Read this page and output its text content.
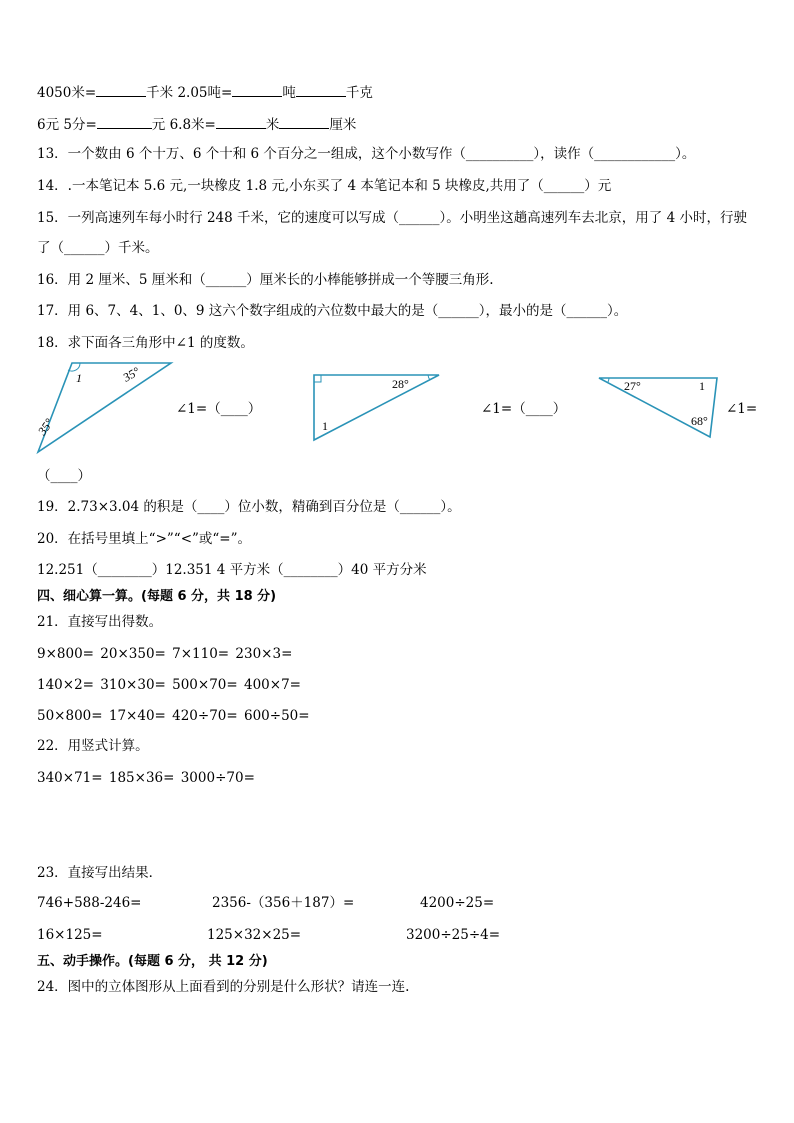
4050米=	千米 2.05吨=	吨	千克
6元 5分=	元 6.8米=	米	厘米
13．一个数由 6 个十万、6 个十和 6 个百分之一组成，这个小数写作（__________），读作（____________）。
14．.一本笔记本 5.6 元,一块橡皮 1.8 元,小东买了 4 本笔记本和 5 块橡皮,共用了（______）元
15．一列高速列车每小时行 248 千米，它的速度可以写成（______）。小明坐这趟高速列车去北京，用了 4 小时，行驶
了（______）千米。
16．用 2 厘米、5 厘米和（______）厘米长的小棒能够拼成一个等腰三角形.
17．用 6、7、4、1、0、9 这六个数字组成的六位数中最大的是（______），最小的是（______）。
18．求下面各三角形中∠1 的度数。
1	35°
35°
∠1=（____）
28°
1
∠1=（____）
27°	1
68°
∠1=
（____）
19．2.73×3.04 的积是（____）位小数，精确到百分位是（______）。
20．在括号里填上“>”“<”或“=”。
12.251（________）12.351 4 平方米（________）40 平方分米
四、细心算一算。(每题 6 分，共 18 分)
21．直接写出得数。
9×800= 20×350= 7×110= 230×3=
140×2= 310×30= 500×70= 400×7=
50×800= 17×40= 420÷70= 600÷50=
22．用竖式计算。
340×71= 185×36= 3000÷70=
23．直接写出结果．
746+588-246=	2356-（356＋187）=	4200÷25=
16×125=	125×32×25=	3200÷25÷4=
五、动手操作。(每题 6 分， 共 12 分)
24．图中的立体图形从上面看到的分别是什么形状？请连一连.
